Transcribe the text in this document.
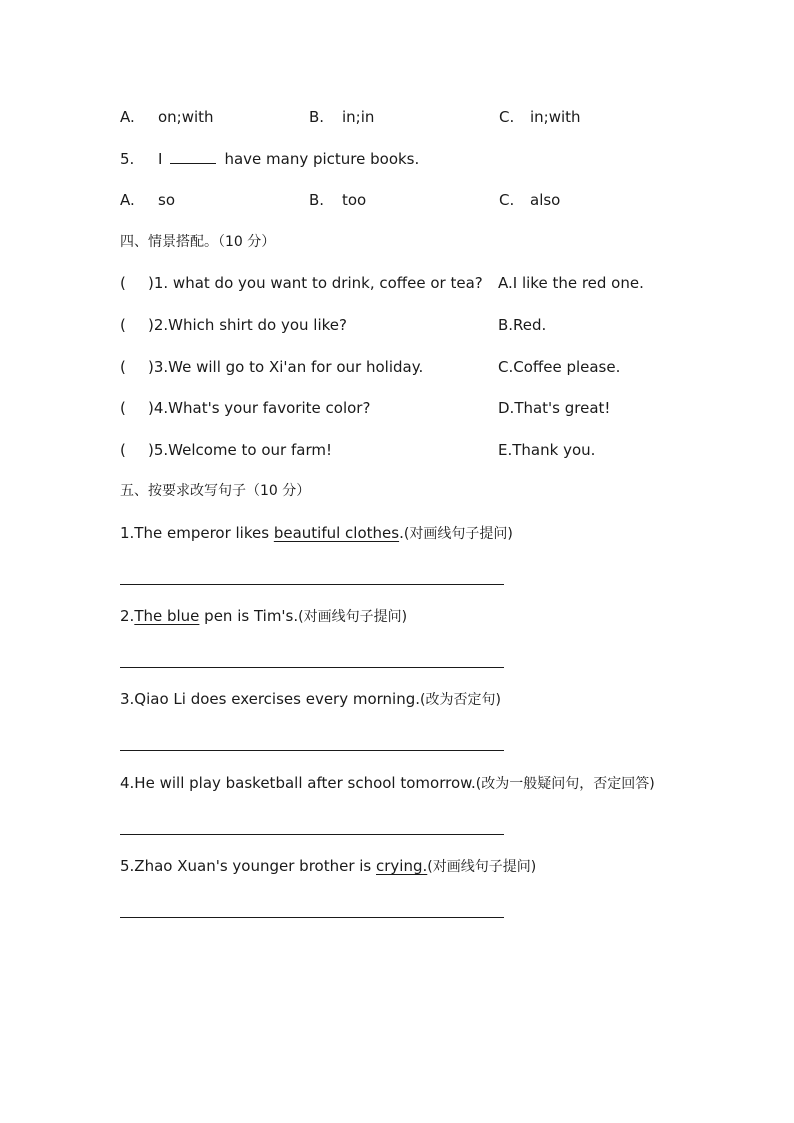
A. on;with	B. in;in	C. in;with
5. I	have many picture books.
A. so	B. too	C. also
四、情景搭配。（10 分）
( )1. what do you want to drink, coffee or tea? A.I like the red one.
( )2.Which shirt do you like?	B.Red.
( )3.We will go to Xi'an for our holiday.	C.Coffee please.
( )4.What's your favorite color?	D.That's great!
( )5.Welcome to our farm!	E.Thank you.
五、按要求改写句子（10 分）
1.The emperor likes beautiful clothes.(对画线句子提问)
2.The blue pen is Tim's.(对画线句子提问)
3.Qiao Li does exercises every morning.(改为否定句)
4.He will play basketball after school tomorrow.(改为一般疑问句，否定回答)
5.Zhao Xuan's younger brother is crying.(对画线句子提问)
